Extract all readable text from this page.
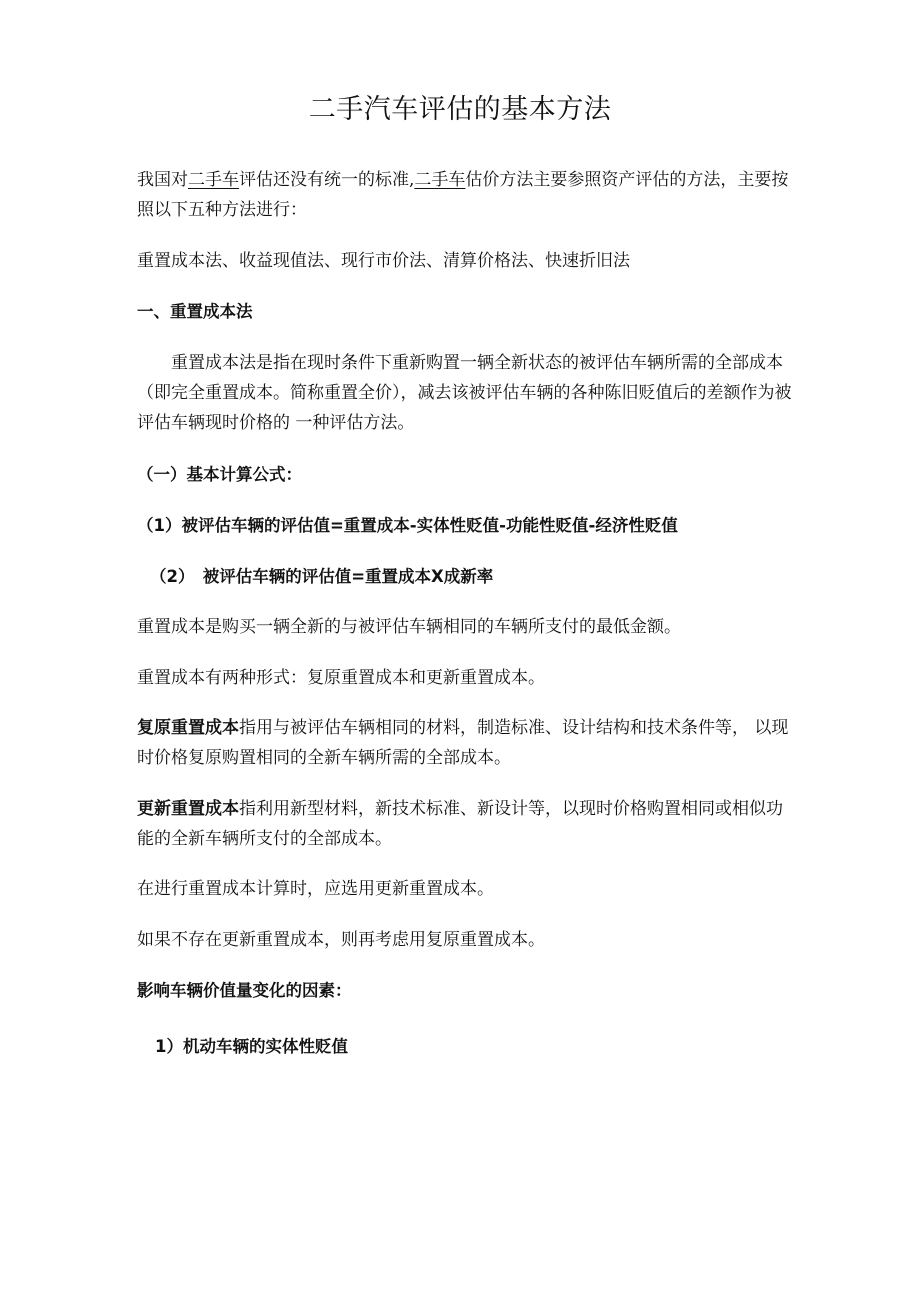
二手汽车评估的基本方法
我国对二手车评估还没有统一的标准,二手车估价方法主要参照资产评估的方法，主要按照以下五种方法进行：
重置成本法、收益现值法、现行市价法、清算价格法、快速折旧法
一、重置成本法
重置成本法是指在现时条件下重新购置一辆全新状态的被评估车辆所需的全部成本（即完全重置成本。简称重置全价），减去该被评估车辆的各种陈旧贬值后的差额作为被评估车辆现时价格的 一种评估方法。
（一）基本计算公式：
（1）被评估车辆的评估值=重置成本-实体性贬值-功能性贬值-经济性贬值
（2）　被评估车辆的评估值=重置成本X成新率
重置成本是购买一辆全新的与被评估车辆相同的车辆所支付的最低金额。
重置成本有两种形式：复原重置成本和更新重置成本。
复原重置成本指用与被评估车辆相同的材料，制造标准、设计结构和技术条件等， 以现时价格复原购置相同的全新车辆所需的全部成本。
更新重置成本指利用新型材料，新技术标准、新设计等，以现时价格购置相同或相似功能的全新车辆所支付的全部成本。
在进行重置成本计算时，应选用更新重置成本。
如果不存在更新重置成本，则再考虑用复原重置成本。
影响车辆价值量变化的因素：
1）机动车辆的实体性贬值
